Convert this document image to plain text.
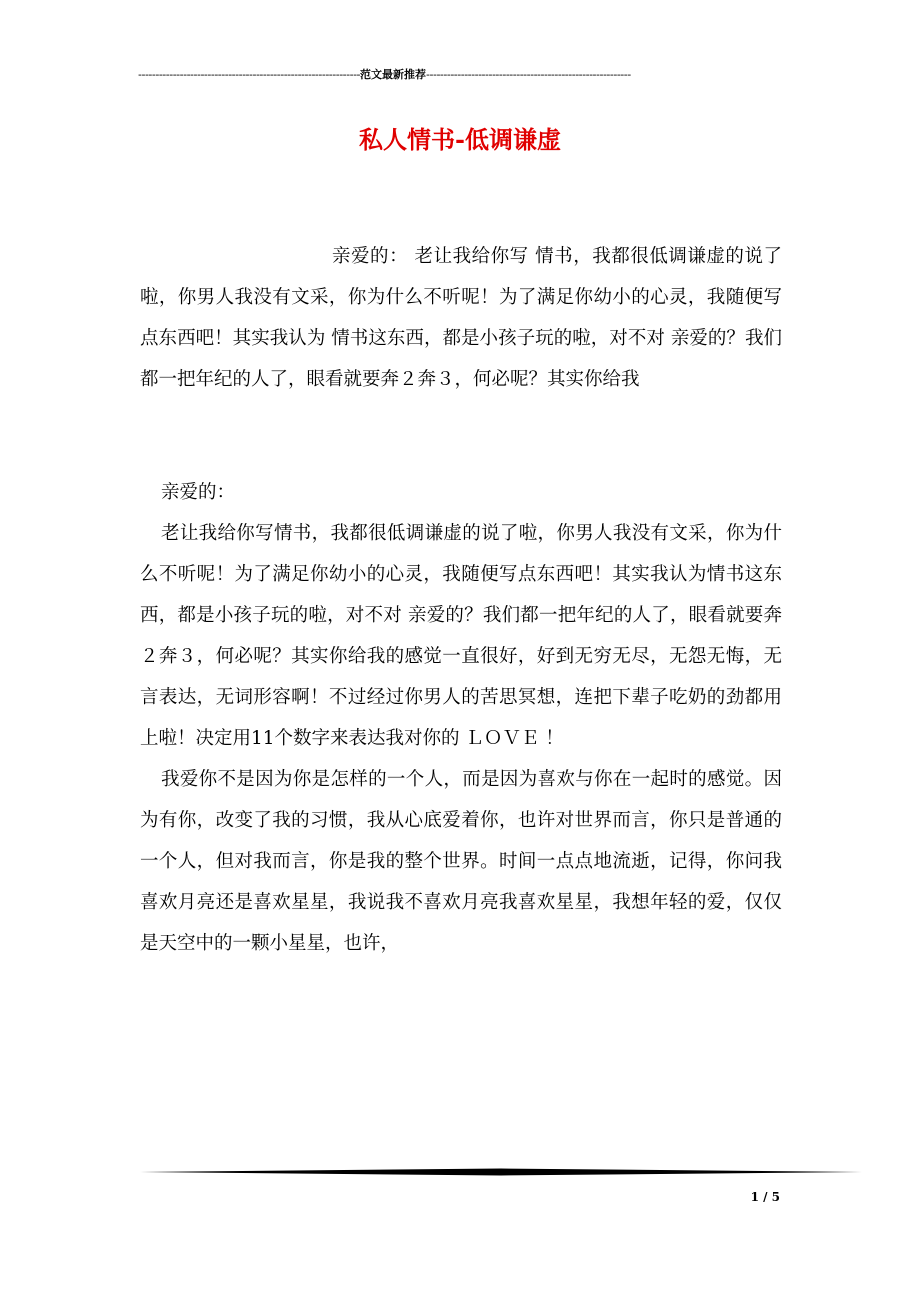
----------------------------------------------------------------范文最新推荐-----------------------------------------------------------
私人情书-低调谦虚

亲爱的： 老让我给你写 情书，我都很低调谦虚的说了啦，你男人我没有文采，你为什么不听呢！为了满足你幼小的心灵，我随便写点东西吧！其实我认为 情书这东西，都是小孩子玩的啦，对不对 亲爱的？我们都一把年纪的人了，眼看就要奔２奔３，何必呢？其实你给我

亲爱的：

老让我给你写情书，我都很低调谦虚的说了啦，你男人我没有文采，你为什么不听呢！为了满足你幼小的心灵，我随便写点东西吧！其实我认为情书这东西，都是小孩子玩的啦，对不对 亲爱的？我们都一把年纪的人了，眼看就要奔２奔３，何必呢？其实你给我的感觉一直很好，好到无穷无尽，无怨无悔，无言表达，无词形容啊！不过经过你男人的苦思冥想，连把下辈子吃奶的劲都用上啦！决定用11个数字来表达我对你的 ＬＯＶＥ ！

我爱你不是因为你是怎样的一个人，而是因为喜欢与你在一起时的感觉。因为有你，改变了我的习惯，我从心底爱着你，也许对世界而言，你只是普通的一个人，但对我而言，你是我的整个世界。时间一点点地流逝，记得，你问我喜欢月亮还是喜欢星星，我说我不喜欢月亮我喜欢星星，我想年轻的爱，仅仅是天空中的一颗小星星，也许，

1 / 5
